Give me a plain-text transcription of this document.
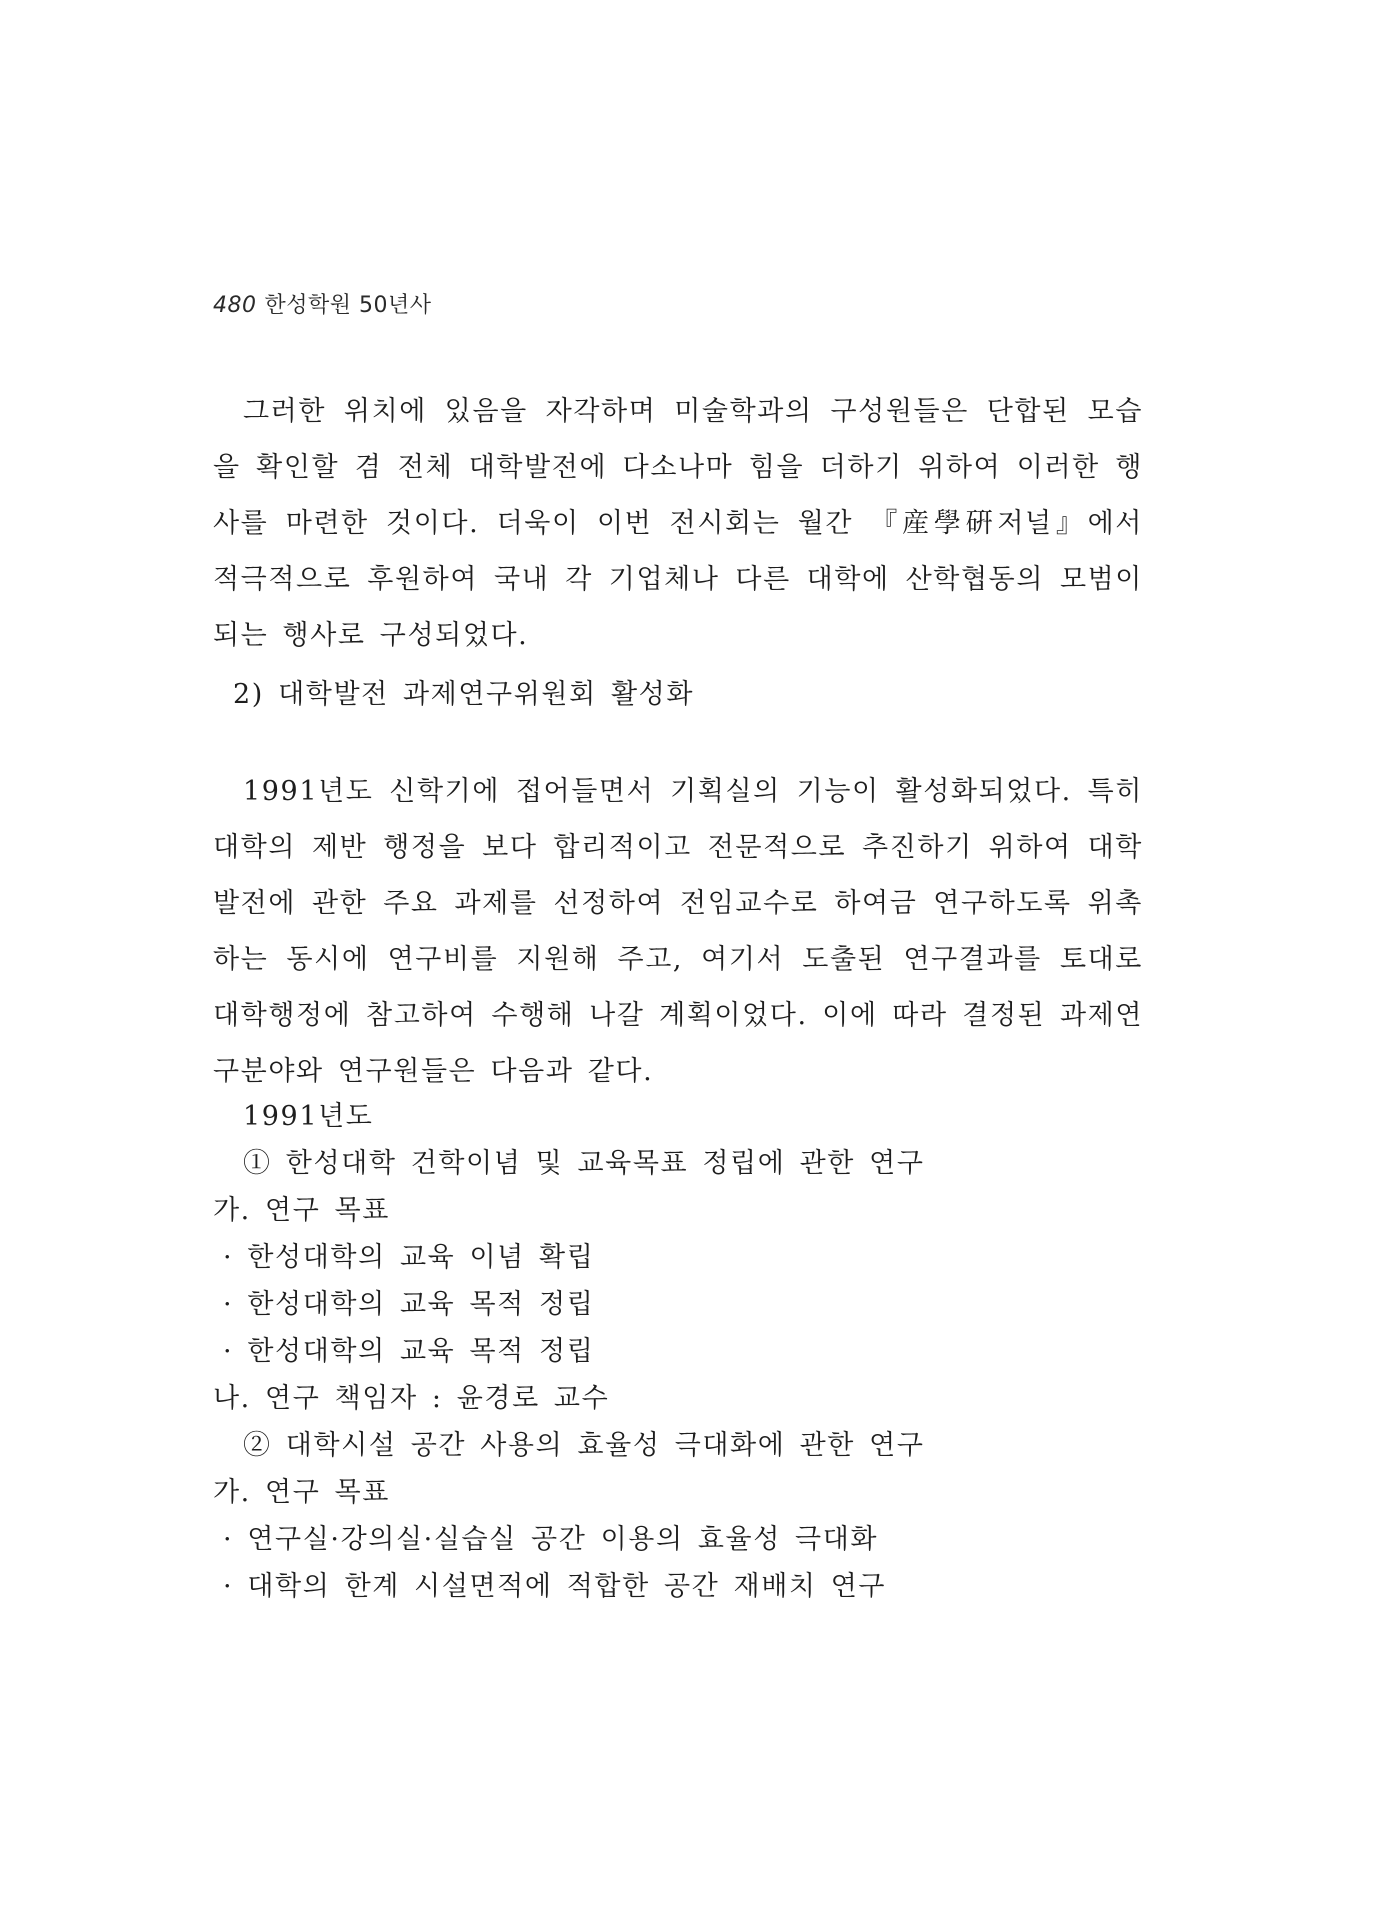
480 한성학원 50년사

그러한 위치에 있음을 자각하며 미술학과의 구성원들은 단합된 모습을 확인할 겸 전체 대학발전에 다소나마 힘을 더하기 위하여 이러한 행사를 마련한 것이다. 더욱이 이번 전시회는 월간 『産學硏저널』에서 적극적으로 후원하여 국내 각 기업체나 다른 대학에 산학협동의 모범이 되는 행사로 구성되었다.

2) 대학발전 과제연구위원회 활성화

1991년도 신학기에 접어들면서 기획실의 기능이 활성화되었다. 특히 대학의 제반 행정을 보다 합리적이고 전문적으로 추진하기 위하여 대학 발전에 관한 주요 과제를 선정하여 전임교수로 하여금 연구하도록 위촉하는 동시에 연구비를 지원해 주고, 여기서 도출된 연구결과를 토대로 대학행정에 참고하여 수행해 나갈 계획이었다. 이에 따라 결정된 과제연구분야와 연구원들은 다음과 같다.

1991년도
① 한성대학 건학이념 및 교육목표 정립에 관한 연구
가. 연구 목표
· 한성대학의 교육 이념 확립
· 한성대학의 교육 목적 정립
· 한성대학의 교육 목적 정립
나. 연구 책임자 : 윤경로 교수
② 대학시설 공간 사용의 효율성 극대화에 관한 연구
가. 연구 목표
· 연구실·강의실·실습실 공간 이용의 효율성 극대화
· 대학의 한계 시설면적에 적합한 공간 재배치 연구
